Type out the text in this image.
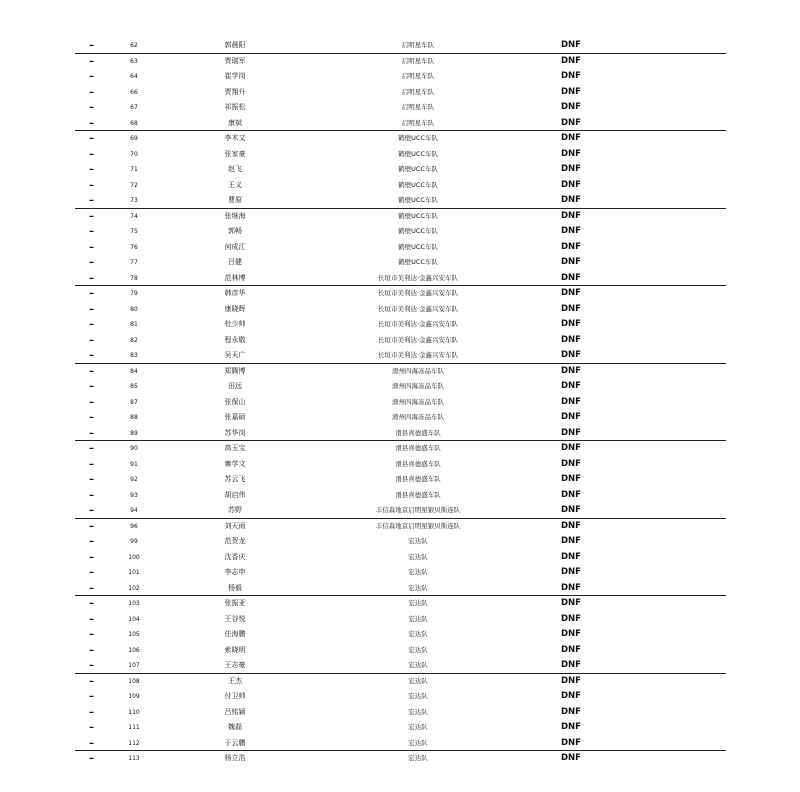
–	62	郭晨阳	启明星车队	DNF
–	63	贾瑞军	启明星车队	DNF
–	64	崔学岗	启明星车队	DNF
–	66	贾翔升	启明星车队	DNF
–	67	祁振松	启明星车队	DNF
–	68	康斌	启明星车队	DNF
–	69	李木又	鹤壁UCC车队	DNF
–	70	张家豪	鹤壁UCC车队	DNF
–	71	赵飞	鹤壁UCC车队	DNF
–	72	王义	鹤壁UCC车队	DNF
–	73	曹原	鹤壁UCC车队	DNF
–	74	张继海	鹤壁UCC车队	DNF
–	75	郭畅	鹤壁UCC车队	DNF
–	76	何成江	鹤壁UCC车队	DNF
–	77	吕健	鹤壁UCC车队	DNF
–	78	范林博	长垣市美利达·金鑫兴安车队	DNF
–	79	韩彦华	长垣市美利达·金鑫兴安车队	DNF
–	80	康晓辉	长垣市美利达·金鑫兴安车队	DNF
–	81	杜少帅	长垣市美利达·金鑫兴安车队	DNF
–	82	程永敬	长垣市美利达·金鑫兴安车队	DNF
–	83	吴天广	长垣市美利达·金鑫兴安车队	DNF
–	84	郑腾博	滑州四海冻品车队	DNF
–	85	田远	滑州四海冻品车队	DNF
–	87	张保山	滑州四海冻品车队	DNF
–	88	张嘉硕	滑州四海冻品车队	DNF
–	89	苏华岗	滑县喜德盛车队	DNF
–	90	高玉宝	滑县喜德盛车队	DNF
–	91	寨学文	滑县喜德盛车队	DNF
–	92	苏云飞	滑县喜德盛车队	DNF
–	93	胡启伟	滑县喜德盛车队	DNF
–	94	苏野	丰信森地京启明星银贝斯连队	DNF
–	96	刘天雨	丰信森地京启明星银贝斯连队	DNF
–	99	范贺龙	宏达队	DNF
–	100	沈香庆	宏达队	DNF
–	101	李志申	宏达队	DNF
–	102	杨毅	宏达队	DNF
–	103	张振亚	宏达队	DNF
–	104	王谷悦	宏达队	DNF
–	105	任海鹏	宏达队	DNF
–	106	索晓明	宏达队	DNF
–	107	王志豪	宏达队	DNF
–	108	王杰	宏达队	DNF
–	109	付卫帅	宏达队	DNF
–	110	吕铭颖	宏达队	DNF
–	111	魏磊	宏达队	DNF
–	112	于云鹏	宏达队	DNF
–	113	杨立浩	宏达队	DNF
